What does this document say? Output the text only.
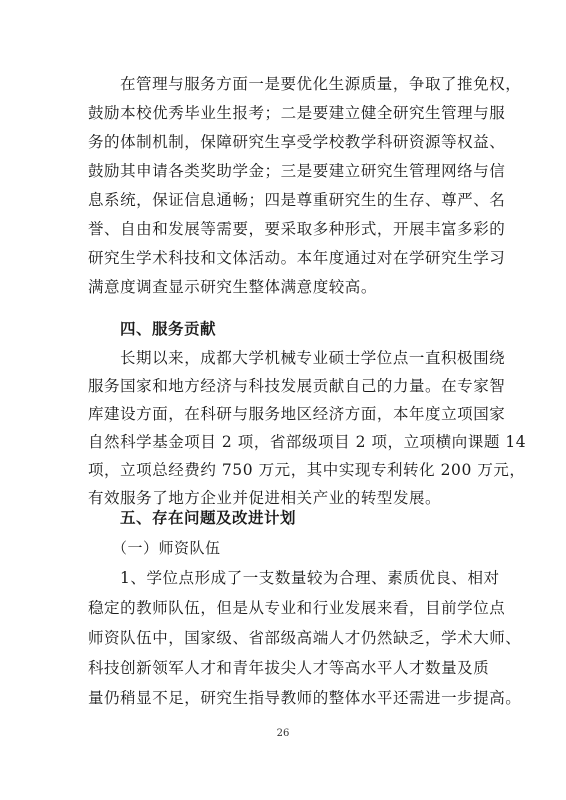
在管理与服务方面一是要优化生源质量，争取了推免权，
鼓励本校优秀毕业生报考；二是要建立健全研究生管理与服
务的体制机制，保障研究生享受学校教学科研资源等权益、
鼓励其申请各类奖助学金；三是要建立研究生管理网络与信
息系统，保证信息通畅；四是尊重研究生的生存、尊严、名
誉、自由和发展等需要，要采取多种形式，开展丰富多彩的
研究生学术科技和文体活动。本年度通过对在学研究生学习
满意度调查显示研究生整体满意度较高。
四、服务贡献
长期以来，成都大学机械专业硕士学位点一直积极围绕
服务国家和地方经济与科技发展贡献自己的力量。在专家智
库建设方面，在科研与服务地区经济方面，本年度立项国家
自然科学基金项目 2 项，省部级项目 2 项，立项横向课题 14
项，立项总经费约 750 万元，其中实现专利转化 200 万元，
有效服务了地方企业并促进相关产业的转型发展。
五、存在问题及改进计划
（一）师资队伍
26
1、学位点形成了一支数量较为合理、素质优良、相对
稳定的教师队伍，但是从专业和行业发展来看，目前学位点
师资队伍中，国家级、省部级高端人才仍然缺乏，学术大师、
科技创新领军人才和青年拔尖人才等高水平人才数量及质
量仍稍显不足，研究生指导教师的整体水平还需进一步提高。
